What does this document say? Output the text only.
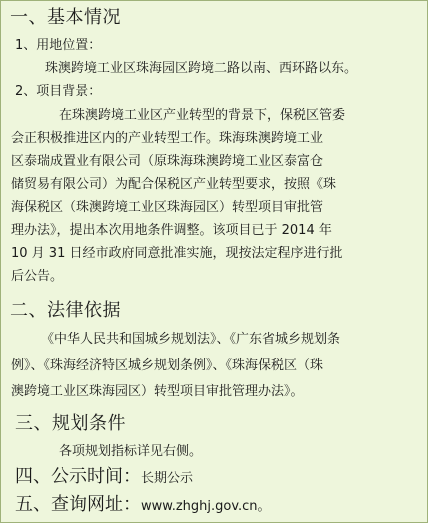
一、基本情况
1、用地位置：
珠澳跨境工业区珠海园区跨境二路以南、西环路以东。
2、项目背景：
在珠澳跨境工业区产业转型的背景下，保税区管委
会正积极推进区内的产业转型工作。珠海珠澳跨境工业
区泰瑞成置业有限公司（原珠海珠澳跨境工业区泰富仓
储贸易有限公司）为配合保税区产业转型要求，按照《珠
海保税区（珠澳跨境工业区珠海园区）转型项目审批管
理办法》，提出本次用地条件调整。该项目已于 2014 年
10 月 31 日经市政府同意批准实施，现按法定程序进行批
后公告。
二、法律依据
《中华人民共和国城乡规划法》、《广东省城乡规划条
例》、《珠海经济特区城乡规划条例》、《珠海保税区（珠
澳跨境工业区珠海园区）转型项目审批管理办法》。
三、规划条件
各项规划指标详见右侧。
四、公示时间：长期公示
五、查询网址：www.zhghj.gov.cn。
